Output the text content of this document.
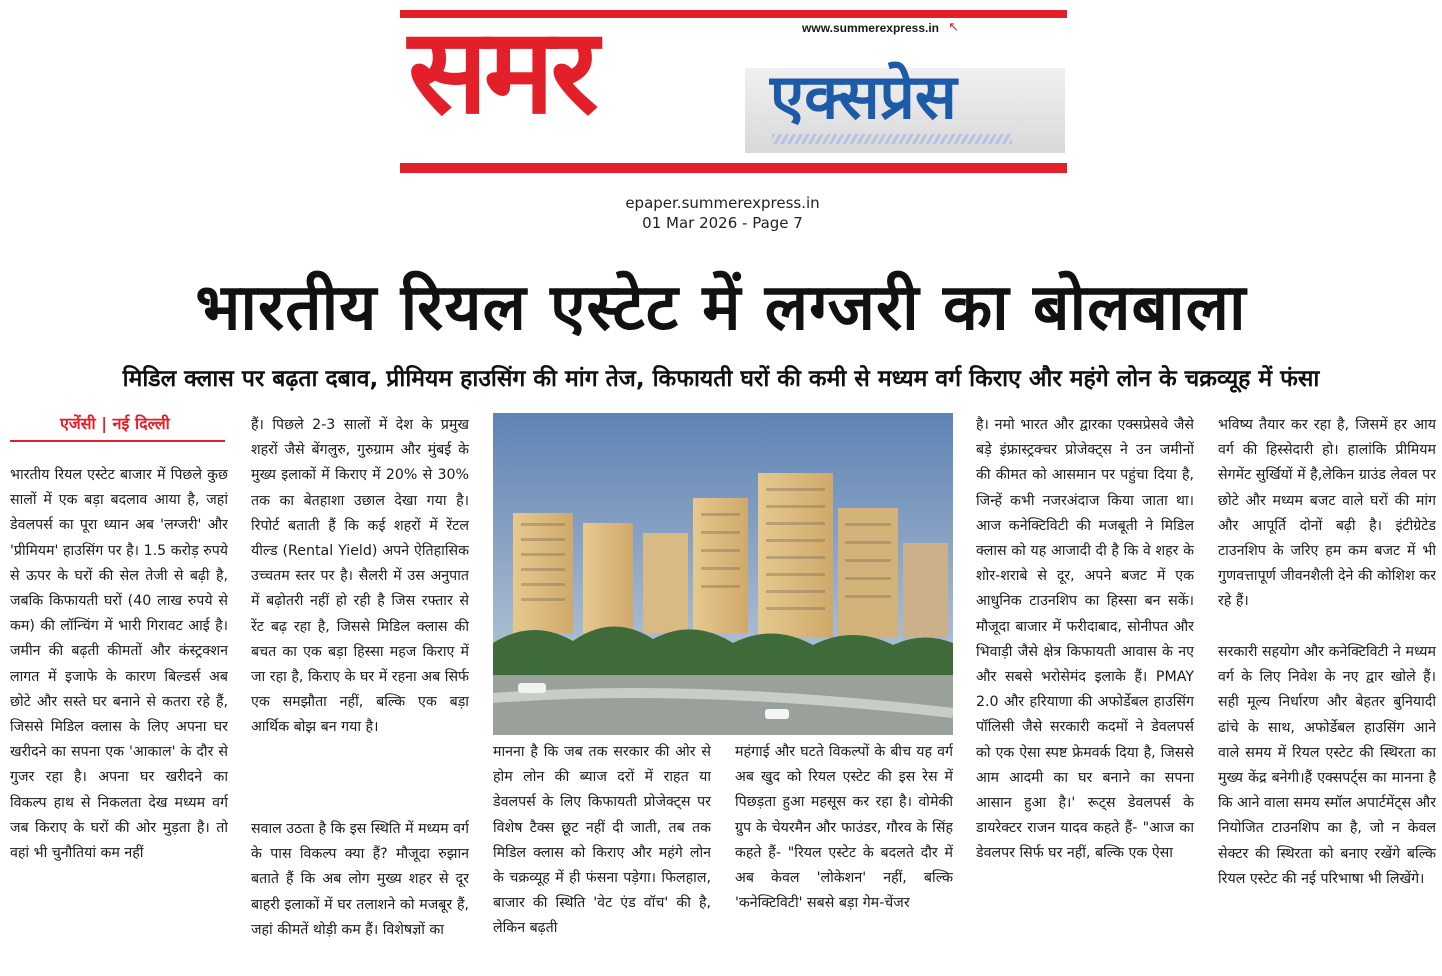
समर	एक्सप्रेस
www.summerexpress.in ↖
epaper.summerexpress.in
01 Mar 2026 - Page 7
भारतीय रियल एस्टेट में लग्जरी का बोलबाला
मिडिल क्लास पर बढ़ता दबाव, प्रीमियम हाउसिंग की मांग तेज, किफायती घरों की कमी से मध्यम वर्ग किराए और महंगे लोन के चक्रव्यूह में फंसा
एजेंसी | नई दिल्ली

भारतीय रियल एस्टेट बाजार में पिछले कुछ सालों में एक बड़ा बदलाव आया है, जहां डेवलपर्स का पूरा ध्यान अब 'लग्जरी' और 'प्रीमियम' हाउसिंग पर है। 1.5 करोड़ रुपये से ऊपर के घरों की सेल तेजी से बढ़ी है, जबकि किफायती घरों (40 लाख रुपये से कम) की लॉन्चिंग में भारी गिरावट आई है। जमीन की बढ़ती कीमतों और कंस्ट्रक्शन लागत में इजाफे के कारण बिल्डर्स अब छोटे और सस्ते घर बनाने से कतरा रहे हैं, जिससे मिडिल क्लास के लिए अपना घर खरीदने का सपना एक 'आकाल' के दौर से गुजर रहा है। अपना घर खरीदने का विकल्प हाथ से निकलता देख मध्यम वर्ग जब किराए के घरों की ओर मुड़ता है। तो वहां भी चुनौतियां कम नहीं

हैं। पिछले 2-3 सालों में देश के प्रमुख शहरों जैसे बेंगलुरु, गुरुग्राम और मुंबई के मुख्य इलाकों में किराए में 20% से 30% तक का बेतहाशा उछाल देखा गया है। रिपोर्ट बताती हैं कि कई शहरों में रेंटल यील्ड (Rental Yield) अपने ऐतिहासिक उच्चतम स्तर पर है। सैलरी में उस अनुपात में बढ़ोतरी नहीं हो रही है जिस रफ्तार से रेंट बढ़ रहा है, जिससे मिडिल क्लास की बचत का एक बड़ा हिस्सा महज किराए में जा रहा है, किराए के घर में रहना अब सिर्फ एक समझौता नहीं, बल्कि एक बड़ा आर्थिक बोझ बन गया है।

सवाल उठता है कि इस स्थिति में मध्यम वर्ग के पास विकल्प क्या हैं? मौजूदा रुझान बताते हैं कि अब लोग मुख्य शहर से दूर बाहरी इलाकों में घर तलाशने को मजबूर हैं, जहां कीमतें थोड़ी कम हैं। विशेषज्ञों का

मानना है कि जब तक सरकार की ओर से होम लोन की ब्याज दरों में राहत या डेवलपर्स के लिए किफायती प्रोजेक्ट्स पर विशेष टैक्स छूट नहीं दी जाती, तब तक मिडिल क्लास को किराए और महंगे लोन के चक्रव्यूह में ही फंसना पड़ेगा। फिलहाल, बाजार की स्थिति 'वेट एंड वॉच' की है, लेकिन बढ़ती

महंगाई और घटते विकल्पों के बीच यह वर्ग अब खुद को रियल एस्टेट की इस रेस में पिछड़ता हुआ महसूस कर रहा है। वोमेकी ग्रुप के चेयरमैन और फाउंडर, गौरव के सिंह कहते हैं- "रियल एस्टेट के बदलते दौर में अब केवल 'लोकेशन' नहीं, बल्कि 'कनेक्टिविटी' सबसे बड़ा गेम-चेंजर

है। नमो भारत और द्वारका एक्सप्रेसवे जैसे बड़े इंफ्रास्ट्रक्चर प्रोजेक्ट्स ने उन जमीनों की कीमत को आसमान पर पहुंचा दिया है, जिन्हें कभी नजरअंदाज किया जाता था। आज कनेक्टिविटी की मजबूती ने मिडिल क्लास को यह आजादी दी है कि वे शहर के शोर-शराबे से दूर, अपने बजट में एक आधुनिक टाउनशिप का हिस्सा बन सकें। मौजूदा बाजार में फरीदाबाद, सोनीपत और भिवाड़ी जैसे क्षेत्र किफायती आवास के नए और सबसे भरोसेमंद इलाके हैं। PMAY 2.0 और हरियाणा की अफोर्डेबल हाउसिंग पॉलिसी जैसे सरकारी कदमों ने डेवलपर्स को एक ऐसा स्पष्ट फ्रेमवर्क दिया है, जिससे आम आदमी का घर बनाने का सपना आसान हुआ है।' रूट्स डेवलपर्स के डायरेक्टर राजन यादव कहते हैं- "आज का डेवलपर सिर्फ घर नहीं, बल्कि एक ऐसा

भविष्य तैयार कर रहा है, जिसमें हर आय वर्ग की हिस्सेदारी हो। हालांकि प्रीमियम सेगमेंट सुर्खियों में है,लेकिन ग्राउंड लेवल पर छोटे और मध्यम बजट वाले घरों की मांग और आपूर्ति दोनों बढ़ी है। इंटीग्रेटेड टाउनशिप के जरिए हम कम बजट में भी गुणवत्तापूर्ण जीवनशैली देने की कोशिश कर रहे हैं।

सरकारी सहयोग और कनेक्टिविटी ने मध्यम वर्ग के लिए निवेश के नए द्वार खोले हैं। सही मूल्य निर्धारण और बेहतर बुनियादी ढांचे के साथ, अफोर्डेबल हाउसिंग आने वाले समय में रियल एस्टेट की स्थिरता का मुख्य केंद्र बनेगी।हैं एक्सपर्ट्स का मानना है कि आने वाला समय स्मॉल अपार्टमेंट्स और नियोजित टाउनशिप का है, जो न केवल सेक्टर की स्थिरता को बनाए रखेंगे बल्कि रियल एस्टेट की नई परिभाषा भी लिखेंगे।
